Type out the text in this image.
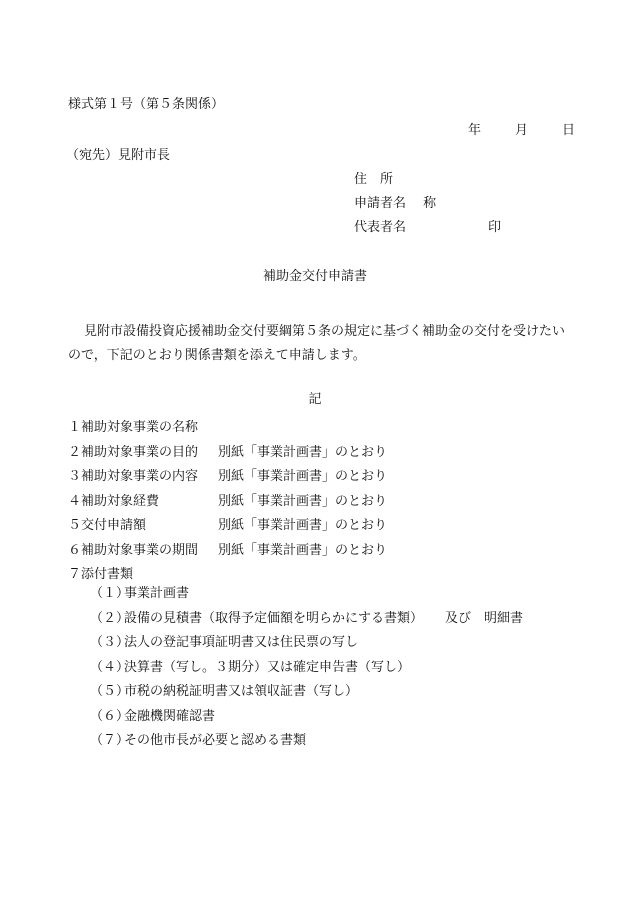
様式第１号（第５条関係）
年	月	日
（宛先）見附市長
住　所
申請者名　 称
代表者名	印
補助金交付申請書
見附市設備投資応援補助金交付要綱第５条の規定に基づく補助金の交付を受けたいので，下記のとおり関係書類を添えて申請します。
記
１補助対象事業の名称
２補助対象事業の目的 別紙「事業計画書」のとおり
３補助対象事業の内容 別紙「事業計画書」のとおり
４補助対象経費	別紙「事業計画書」のとおり
５交付申請額	別紙「事業計画書」のとおり
６補助対象事業の期間 別紙「事業計画書」のとおり
７添付書類
（１）事業計画書
（２）設備の見積書（取得予定価額を明らかにする書類） 及び　明細書
（３）法人の登記事項証明書又は住民票の写し
（４）決算書（写し。３期分）又は確定申告書（写し）
（５）市税の納税証明書又は領収証書（写し）
（６）金融機関確認書
（７）その他市長が必要と認める書類
